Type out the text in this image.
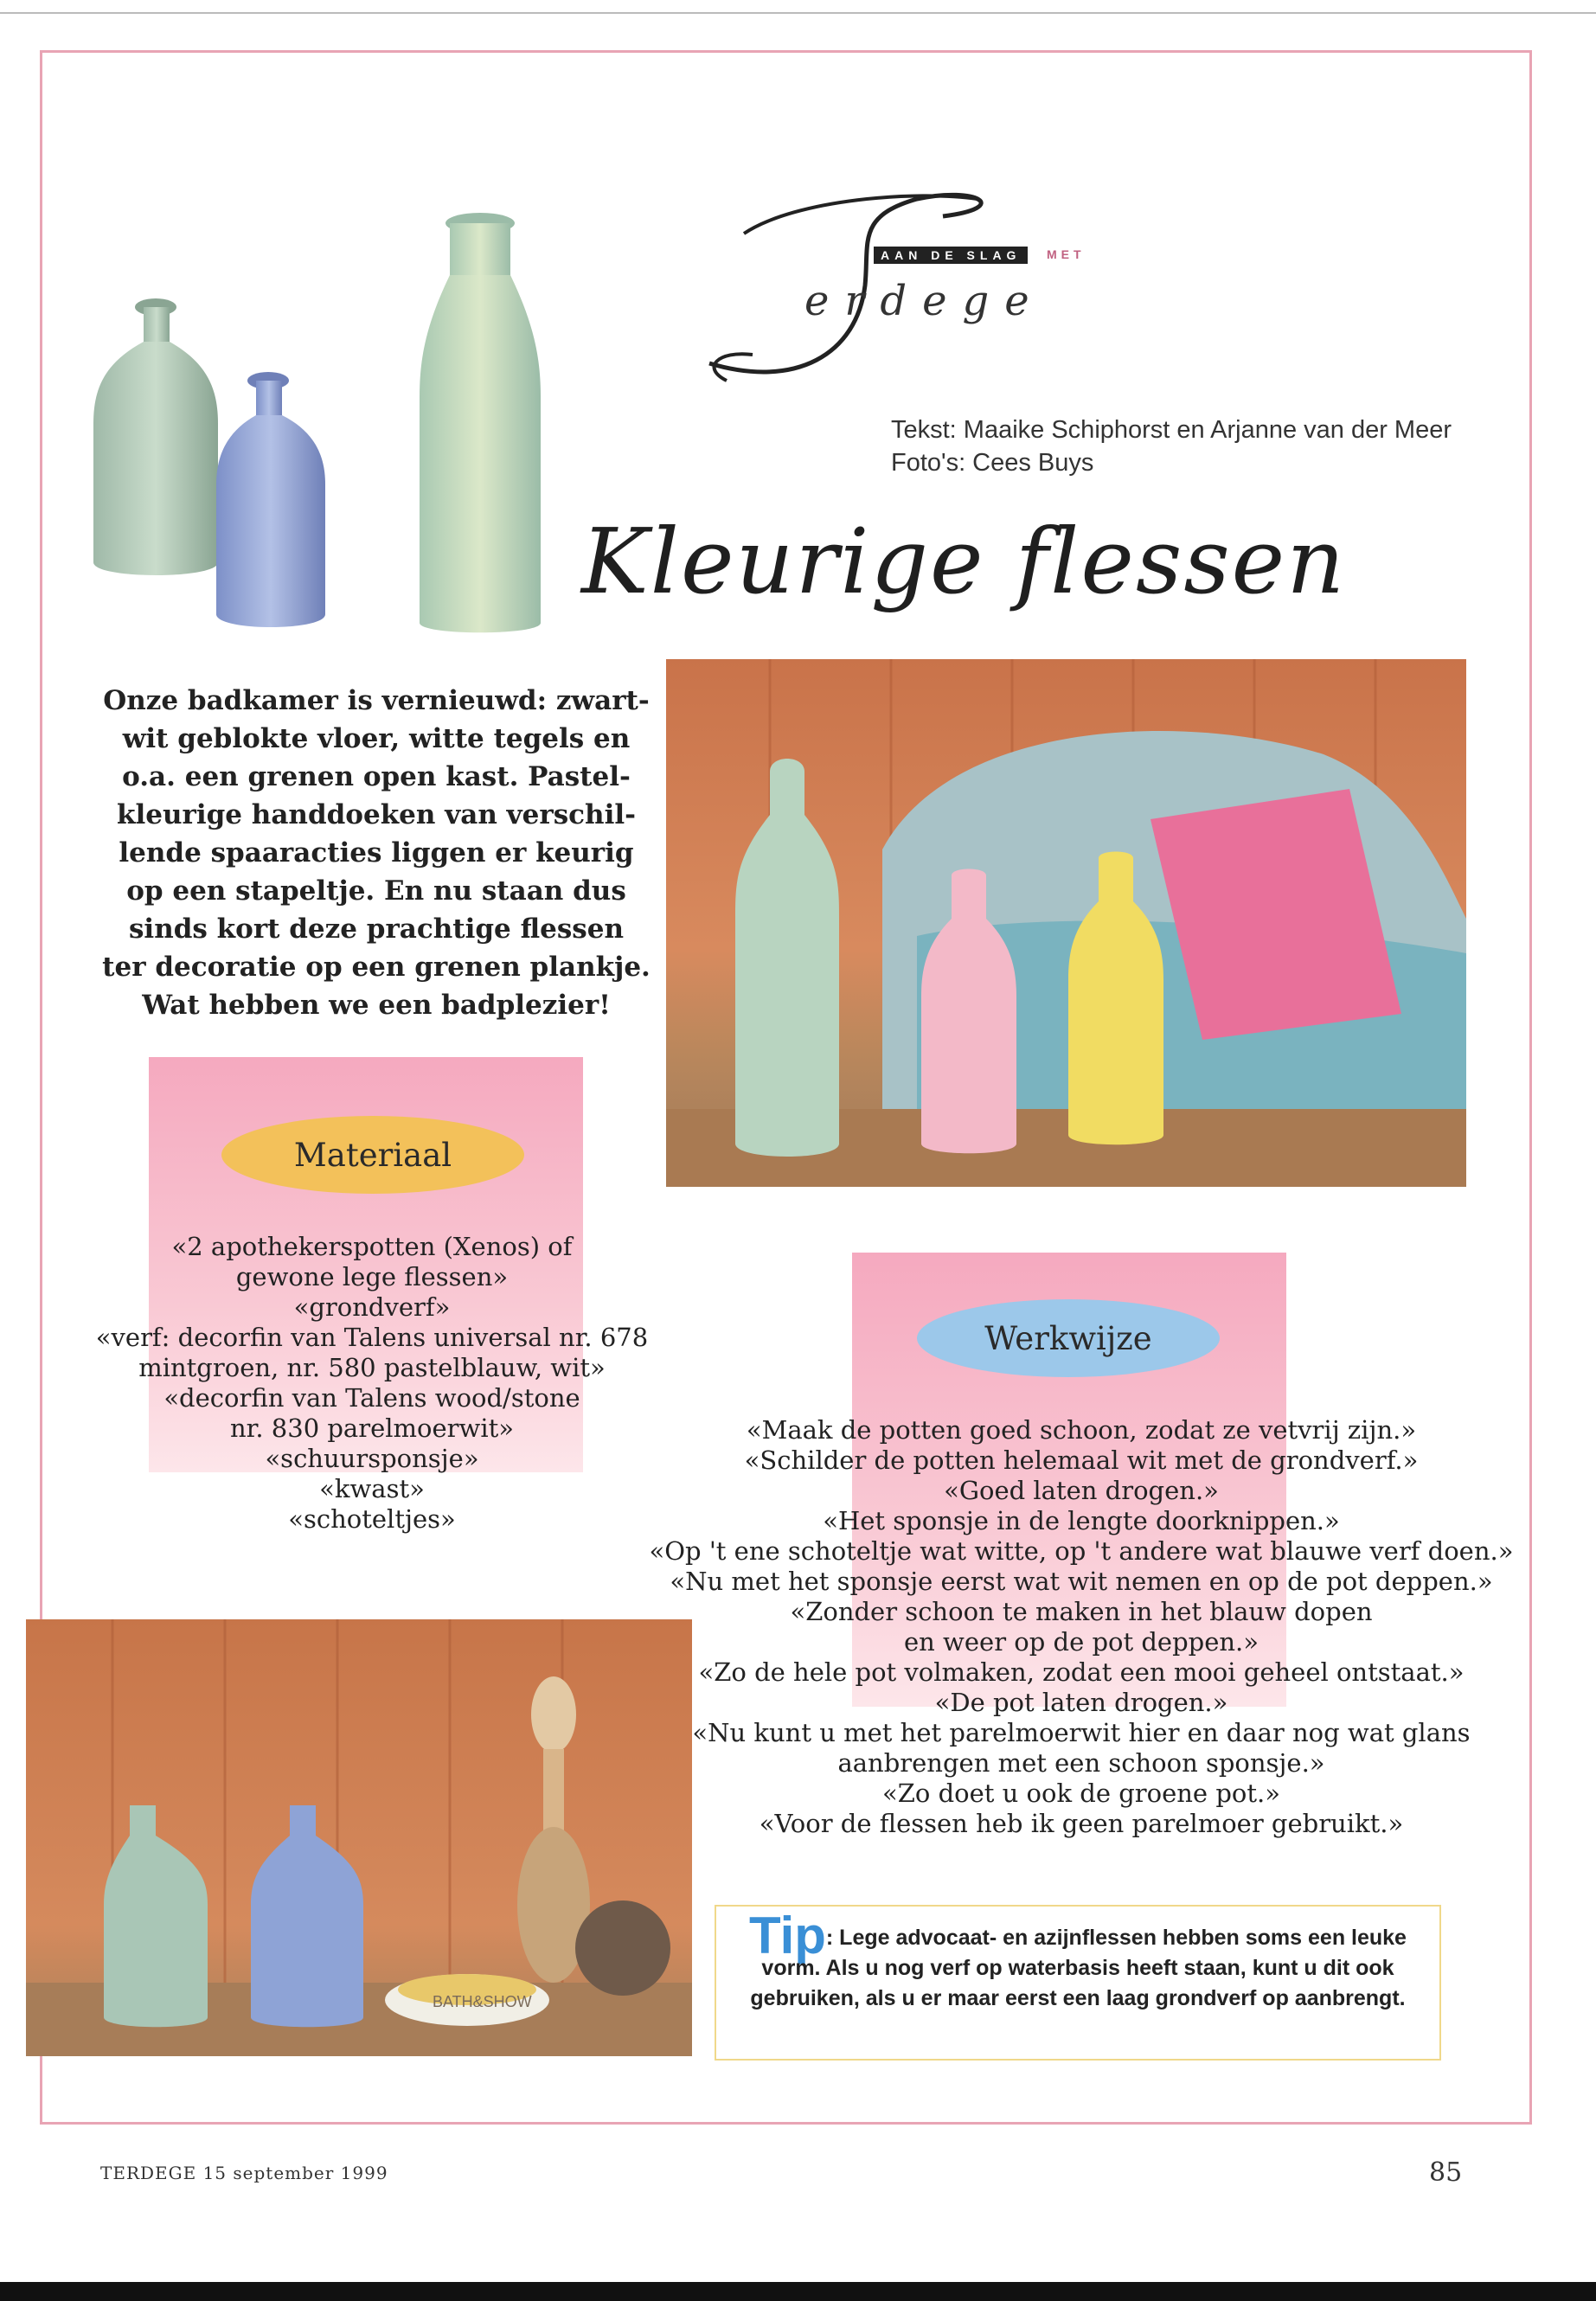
AAN DE SLAG	MET
erdege
Tekst: Maaike Schiphorst en Arjanne van der Meer
Foto's: Cees Buys
Kleurige flessen
Onze badkamer is vernieuwd: zwart-
wit geblokte vloer, witte tegels en
o.a. een grenen open kast. Pastel-
kleurige handdoeken van verschil-
lende spaaracties liggen er keurig
op een stapeltje. En nu staan dus
sinds kort deze prachtige flessen
ter decoratie op een grenen plankje.
Wat hebben we een badplezier!
Materiaal
«2 apothekerspotten (Xenos) of
gewone lege flessen»
«grondverf»
«verf: decorfin van Talens universal nr. 678
mintgroen, nr. 580 pastelblauw, wit»
«decorfin van Talens wood/stone
nr. 830 parelmoerwit»
«schuursponsje»
«kwast»
«schoteltjes»
Werkwijze
«Maak de potten goed schoon, zodat ze vetvrij zijn.»
«Schilder de potten helemaal wit met de grondverf.»
«Goed laten drogen.»
«Het sponsje in de lengte doorknippen.»
«Op 't ene schoteltje wat witte, op 't andere wat blauwe verf doen.»
«Nu met het sponsje eerst wat wit nemen en op de pot deppen.»
«Zonder schoon te maken in het blauw dopen
en weer op de pot deppen.»
«Zo de hele pot volmaken, zodat een mooi geheel ontstaat.»
«De pot laten drogen.»
«Nu kunt u met het parelmoerwit hier en daar nog wat glans
aanbrengen met een schoon sponsje.»
«Zo doet u ook de groene pot.»
«Voor de flessen heb ik geen parelmoer gebruikt.»
BATH&SHOW
Tip: Lege advocaat- en azijnflessen hebben soms een leuke vorm. Als u nog verf op waterbasis heeft staan, kunt u dit ook gebruiken, als u er maar eerst een laag grondverf op aanbrengt.
TERDEGE 15 september 1999	85
